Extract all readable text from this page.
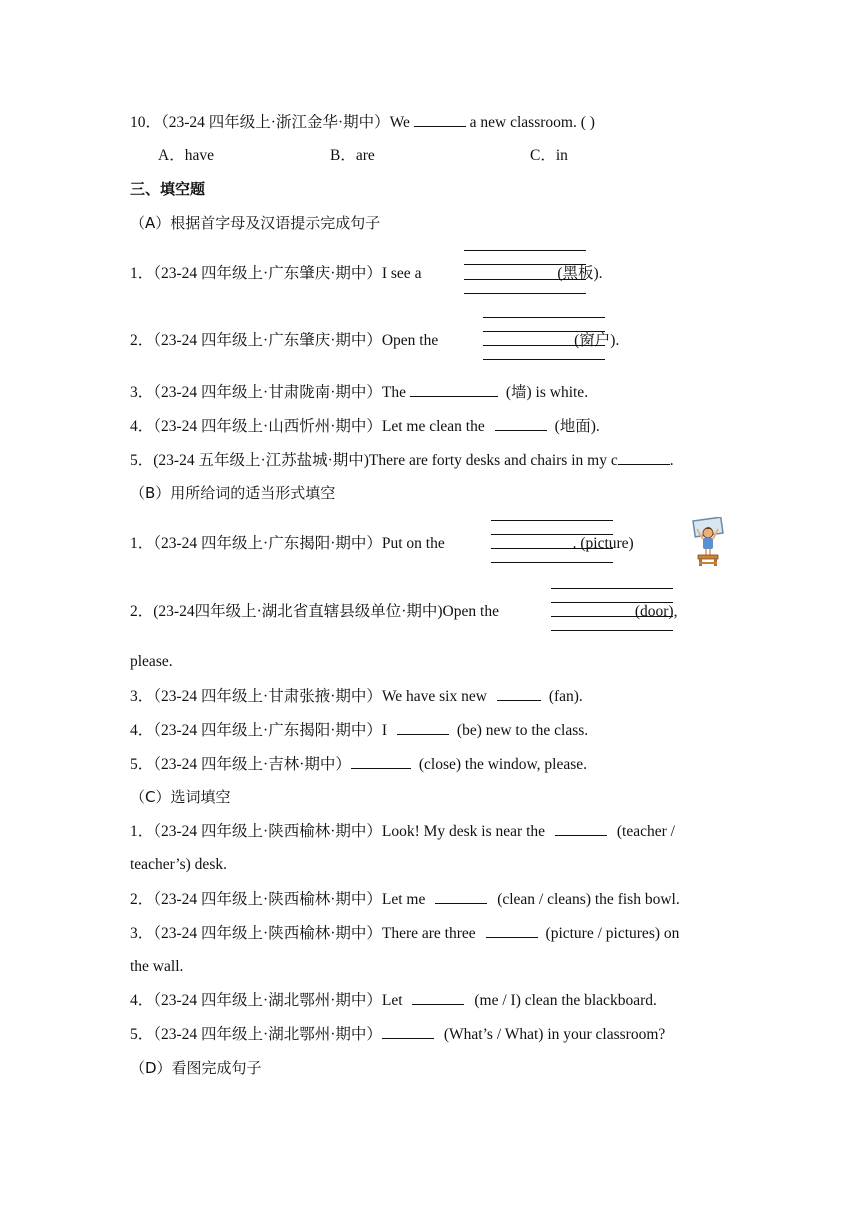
10．（23-24 四年级上·浙江金华·期中）We	a new classroom. ( )
A．have	B．are	C．in
三、填空题
（A）根据首字母及汉语提示完成句子
1．（23-24 四年级上·广东肇庆·期中）I see a	(黑板).
2．（23-24 四年级上·广东肇庆·期中）Open the	(窗户).
3．（23-24 四年级上·甘肃陇南·期中）The	(墙) is white.
4．（23-24 四年级上·山西忻州·期中）Let me clean the	(地面).
5．(23-24 五年级上·江苏盐城·期中)There are forty desks and chairs in my c	.
（B）用所给词的适当形式填空
1．（23-24 四年级上·广东揭阳·期中）Put on the	. (picture)
2．(23-24四年级上·湖北省直辖县级单位·期中)Open the	(door),
please.
3．（23-24 四年级上·甘肃张掖·期中）We have six new	(fan).
4．（23-24 四年级上·广东揭阳·期中）I	(be) new to the class.
5．（23-24 四年级上·吉林·期中）	(close) the window, please.
（C）选词填空
1．（23-24 四年级上·陕西榆林·期中）Look! My desk is near the	(teacher /
teacher’s) desk.
2．（23-24 四年级上·陕西榆林·期中）Let me	(clean / cleans) the fish bowl.
3．（23-24 四年级上·陕西榆林·期中）There are three	(picture / pictures) on
the wall.
4．（23-24 四年级上·湖北鄂州·期中）Let	(me / I) clean the blackboard.
5．（23-24 四年级上·湖北鄂州·期中）	(What’s / What) in your classroom?
（D）看图完成句子
